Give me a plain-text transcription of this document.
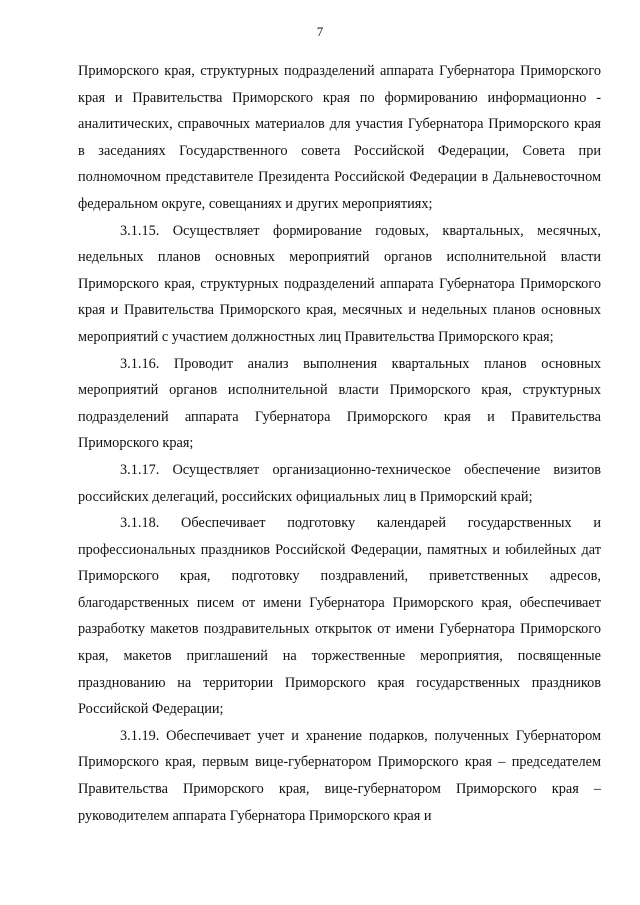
7

Приморского края, структурных подразделений аппарата Губернатора Приморского края и Правительства Приморского края по формированию информационно - аналитических, справочных материалов для участия Губернатора Приморского края в заседаниях Государственного совета Российской Федерации, Совета при полномочном представителе Президента Российской Федерации в Дальневосточном федеральном округе, совещаниях и других мероприятиях;

3.1.15. Осуществляет формирование годовых, квартальных, месячных, недельных планов основных мероприятий органов исполнительной власти Приморского края, структурных подразделений аппарата Губернатора Приморского края и Правительства Приморского края, месячных и недельных планов основных мероприятий с участием должностных лиц Правительства Приморского края;

3.1.16. Проводит анализ выполнения квартальных планов основных мероприятий органов исполнительной власти Приморского края, структурных подразделений аппарата Губернатора Приморского края и Правительства Приморского края;

3.1.17. Осуществляет организационно-техническое обеспечение визитов российских делегаций, российских официальных лиц в Приморский край;

3.1.18. Обеспечивает подготовку календарей государственных и профессиональных праздников Российской Федерации, памятных и юбилейных дат Приморского края, подготовку поздравлений, приветственных адресов, благодарственных писем от имени Губернатора Приморского края, обеспечивает разработку макетов поздравительных открыток от имени Губернатора Приморского края, макетов приглашений на торжественные мероприятия, посвященные празднованию на территории Приморского края государственных праздников Российской Федерации;

3.1.19. Обеспечивает учет и хранение подарков, полученных Губернатором Приморского края, первым вице-губернатором Приморского края – председателем Правительства Приморского края, вице-губернатором Приморского края – руководителем аппарата Губернатора Приморского края и
